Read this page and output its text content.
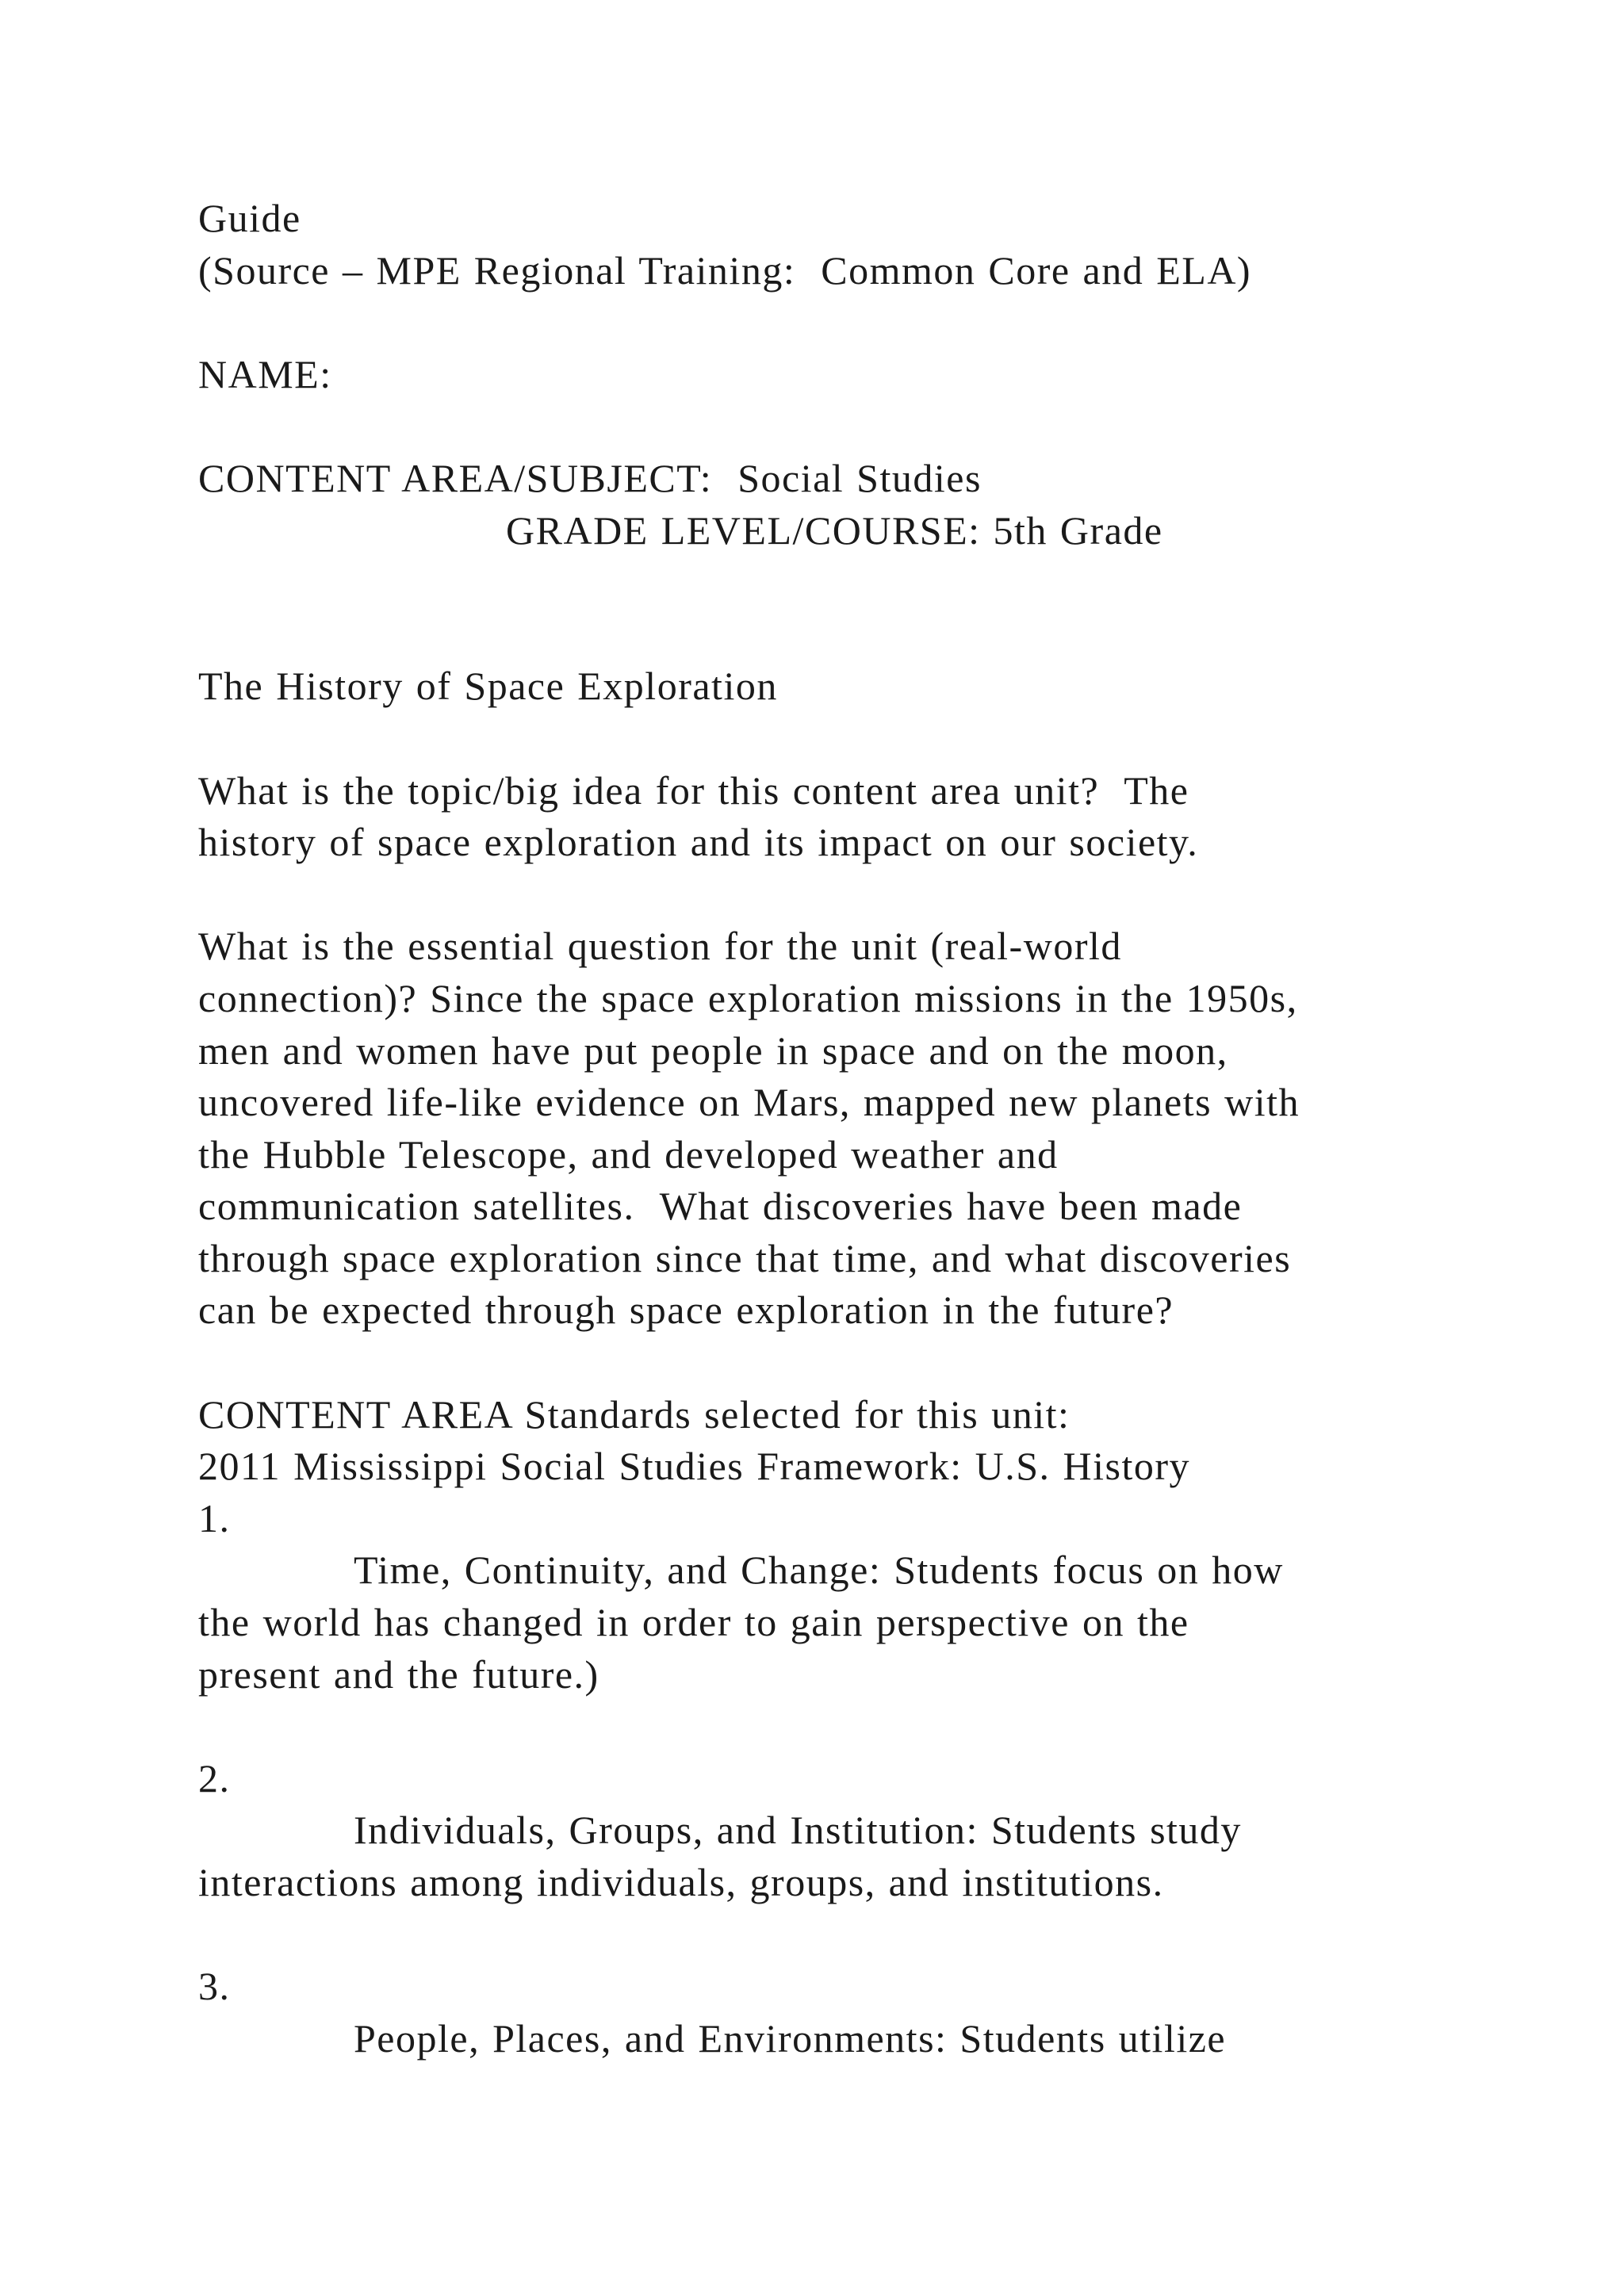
Guide
(Source – MPE Regional Training:  Common Core and ELA)
NAME:
CONTENT AREA/SUBJECT:  Social Studies
GRADE LEVEL/COURSE: 5th Grade
The History of Space Exploration
What is the topic/big idea for this content area unit?  The
history of space exploration and its impact on our society.
What is the essential question for the unit (real-world
connection)? Since the space exploration missions in the 1950s,
men and women have put people in space and on the moon,
uncovered life-like evidence on Mars, mapped new planets with
the Hubble Telescope, and developed weather and
communication satellites.  What discoveries have been made
through space exploration since that time, and what discoveries
can be expected through space exploration in the future?
CONTENT AREA Standards selected for this unit:
2011 Mississippi Social Studies Framework: U.S. History
1.
Time, Continuity, and Change: Students focus on how
the world has changed in order to gain perspective on the
present and the future.)
2.
Individuals, Groups, and Institution: Students study
interactions among individuals, groups, and institutions.
3.
People, Places, and Environments: Students utilize
